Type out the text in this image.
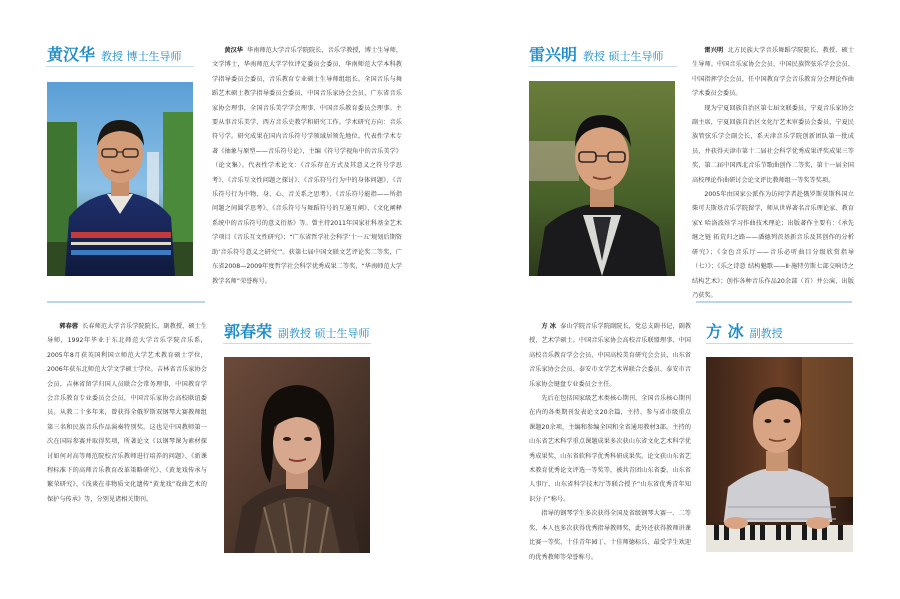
黄汉华 教授 博士生导师	黄汉华 华南师范大学音乐学院院长，音乐学教授，博士生导师，文学博士，华南师范大学学位评定委员会委员，华南师范大学本科教学指导委员会委员，音乐教育专业硕士生导师组组长。全国音乐与舞蹈艺术硕士教学指导委员会委员，中国音乐家协会会员，广东省音乐家协会理事，全国音乐美学学会理事、中国音乐教育委员会理事。主要从事音乐美学、西方音乐史教学和研究工作。学术研究方向：音乐符号学。研究成果在国内音乐符号学领域居领先地位。代表性学术专著《抽象与原型——音乐符号论》，主编《符号学视角中的音乐美学》（论文集）。代表性学术论文：《音乐存在方式及其意义之符号学思考》、《音乐互文性问题之探讨》、《音乐符号行为中的身体问题》、《音乐符号行为中物、身、心、音关系之思考》、《音乐符号能指——所指问题之间圆学思考》、《音乐符号与舞蹈符号的互通互阐》、《文化阐释系统中的音乐符号的意义衍基》等。曾主持2011年国家社科基金艺术学项目《音乐互文性研究》；“广东省哲学社会科学‘十一五’规划后期资助‘音乐符号意义之研究’”。获第七届中国文联文艺评论奖二等奖，广东省2008—2009年度哲学社会科学优秀成果二等奖，“华南师范大学教学名师”荣誉称号。
郭春蓉 长春师范大学音乐学院院长、副教授、硕士生导师，1992年毕业于东北师范大学音乐学院音乐系，2005年8月获英国利国立师范大学艺术教育硕士学位，2006年获东北师范大学文学硕士学位。吉林省音乐家协会会员，吉林省留学归国人员联合会常务理事，中国教育学会音乐教育专业委员会会员，中国音乐家协会高校联谊委员。从教二十多年来，曾获得全俄罗斯双钢琴大赛教师组第三名和民族音乐作品演奏特别奖。这也是中国教师第一次在国际参赛并取得奖项，所著论文《以钢琴课为素材探讨如何对高等师范院校音乐教师进行培养的问题》、《新课程标准下的高师音乐教育改革策略研究》、《黄龙戏传承与繁荣研究》、《浅谈在非物质文化遗传“黄龙戏”戏曲艺术的保护与传承》等，分别见诸相关期刊。
郭春荣 副教授 硕士生导师
雷兴明 教授 硕士生导师	雷兴明 北方民族大学音乐舞蹈学院院长、教授、硕士生导师。中国音乐家协会会员、中国民族管弦乐学会会员、中国指挥学会会员，任中国教育学会音乐教育分会理论作曲学术委员会委员。

现为宁夏回族自治区第七届文联委员，宁夏音乐家协会副主席，宁夏回族自治区文化厅艺术审委员会委员，宁夏民族管弦乐学会副会长，系天津音乐学院创新团队第一批成员，并获得天津市第十二届社会科学优秀成果评奖成果三等奖，第二届中国西北音乐节歌曲创作二等奖，第十一届全国高校理论作曲研讨会论文评比教师组一等奖等奖项。

2005年由国家公派作为访问学者赴俄罗斯莫斯科国立柴可夫斯基音乐学院留学，师从世界著名音乐理论家、教育家Y. 哈洛波娃学习作曲技术理论；出版著作主要有：《承先继之链 拓荒归之路——潘德列茨基新音乐及其创作的分析研究》；《金色音乐厅——音乐必听曲目分级欣赏指导（七）》；《乐之诗意 结构魅歌——Ⅱ·施特劳斯七部交响诗之结构艺术》；创作各种音乐作品20余部（首）并公演、出版乃获奖。

方 冰 泰山学院音乐学院副院长，党总支副书记，副教授，艺术学硕士。中国音乐家协会高校音乐联盟理事、中国高校音乐教育学会会员、中国高校美育研究会会员、山东省音乐家协会会员、泰安市文学艺术界联合会委员、泰安市音乐家协会键盘专业委员会主任。

先后在包括国家级艺术类核心期刊、全国音乐核心期刊在内的各类期刊发表论文20余篇，主持、参与省市级重点课题20余项，主编和参编全国和全省通用教材3部。主持的山东省艺术科学重点课题成果多次获山东省文化艺术科学优秀成果奖、山东省软科学优秀科研成果奖。论文获山东省艺术教育优秀论文评选一等奖等，被共青团山东省委、山东省人事厅、山东省科学技术厅等联合授予“山东省优秀青年知识分子”称号。

指导的钢琴学生多次获得全国及省级钢琴大赛一、二等奖，本人也多次获得优秀指导教师奖，此外还获得教师讲课比赛一等奖、十佳青年园丁、十佳师德标兵、最受学生欢迎的优秀教师等荣誉称号。

方 冰 副教授
